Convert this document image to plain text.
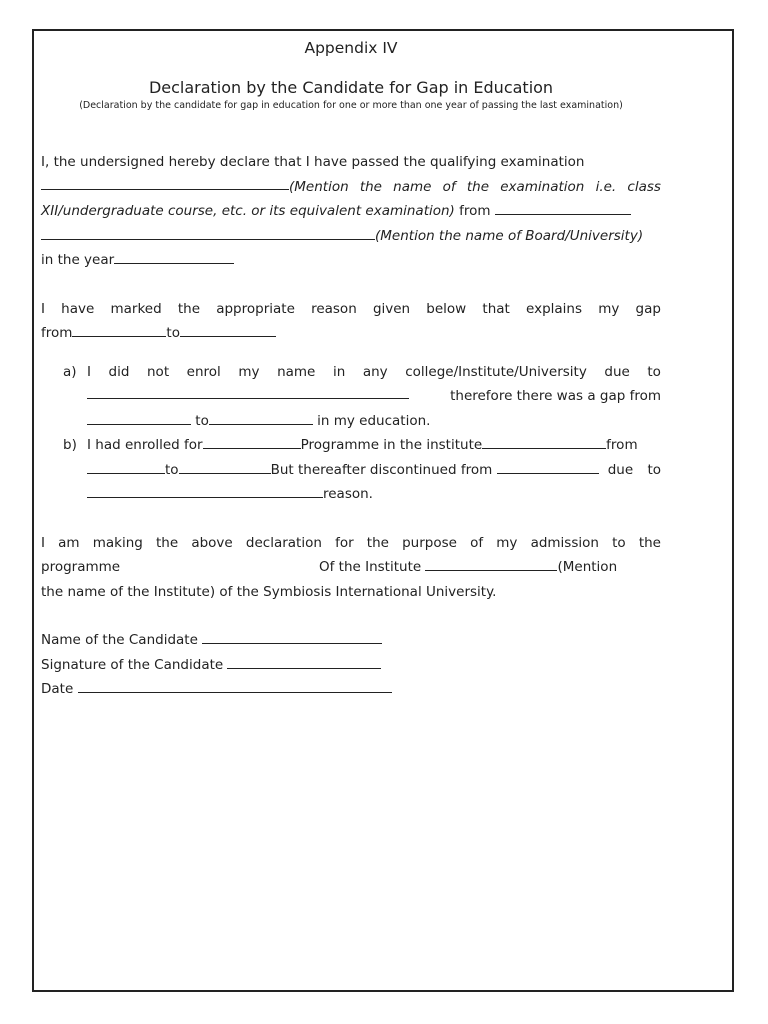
Appendix IV

Declaration by the Candidate for Gap in Education

(Declaration by the candidate for gap in education for one or more than one year of passing the last examination)

I, the undersigned hereby declare that I have passed the qualifying examination
(Mention the name of the examination i.e. class
XII/undergraduate course, etc. or its equivalent examination) from
(Mention the name of Board/University)
in the year
I have marked the appropriate reason given below that explains my gap
from	to
a) I did not enrol my name in any college/Institute/University due to
therefore there was a gap from
to	in my education.
b) I had enrolled for	Programme in the institute	from
to	But thereafter discontinued from	due to
reason.
I am making the above declaration for the purpose of my admission to the
programme	Of the Institute	(Mention
the name of the Institute) of the Symbiosis International University.
Name of the Candidate
Signature of the Candidate
Date
